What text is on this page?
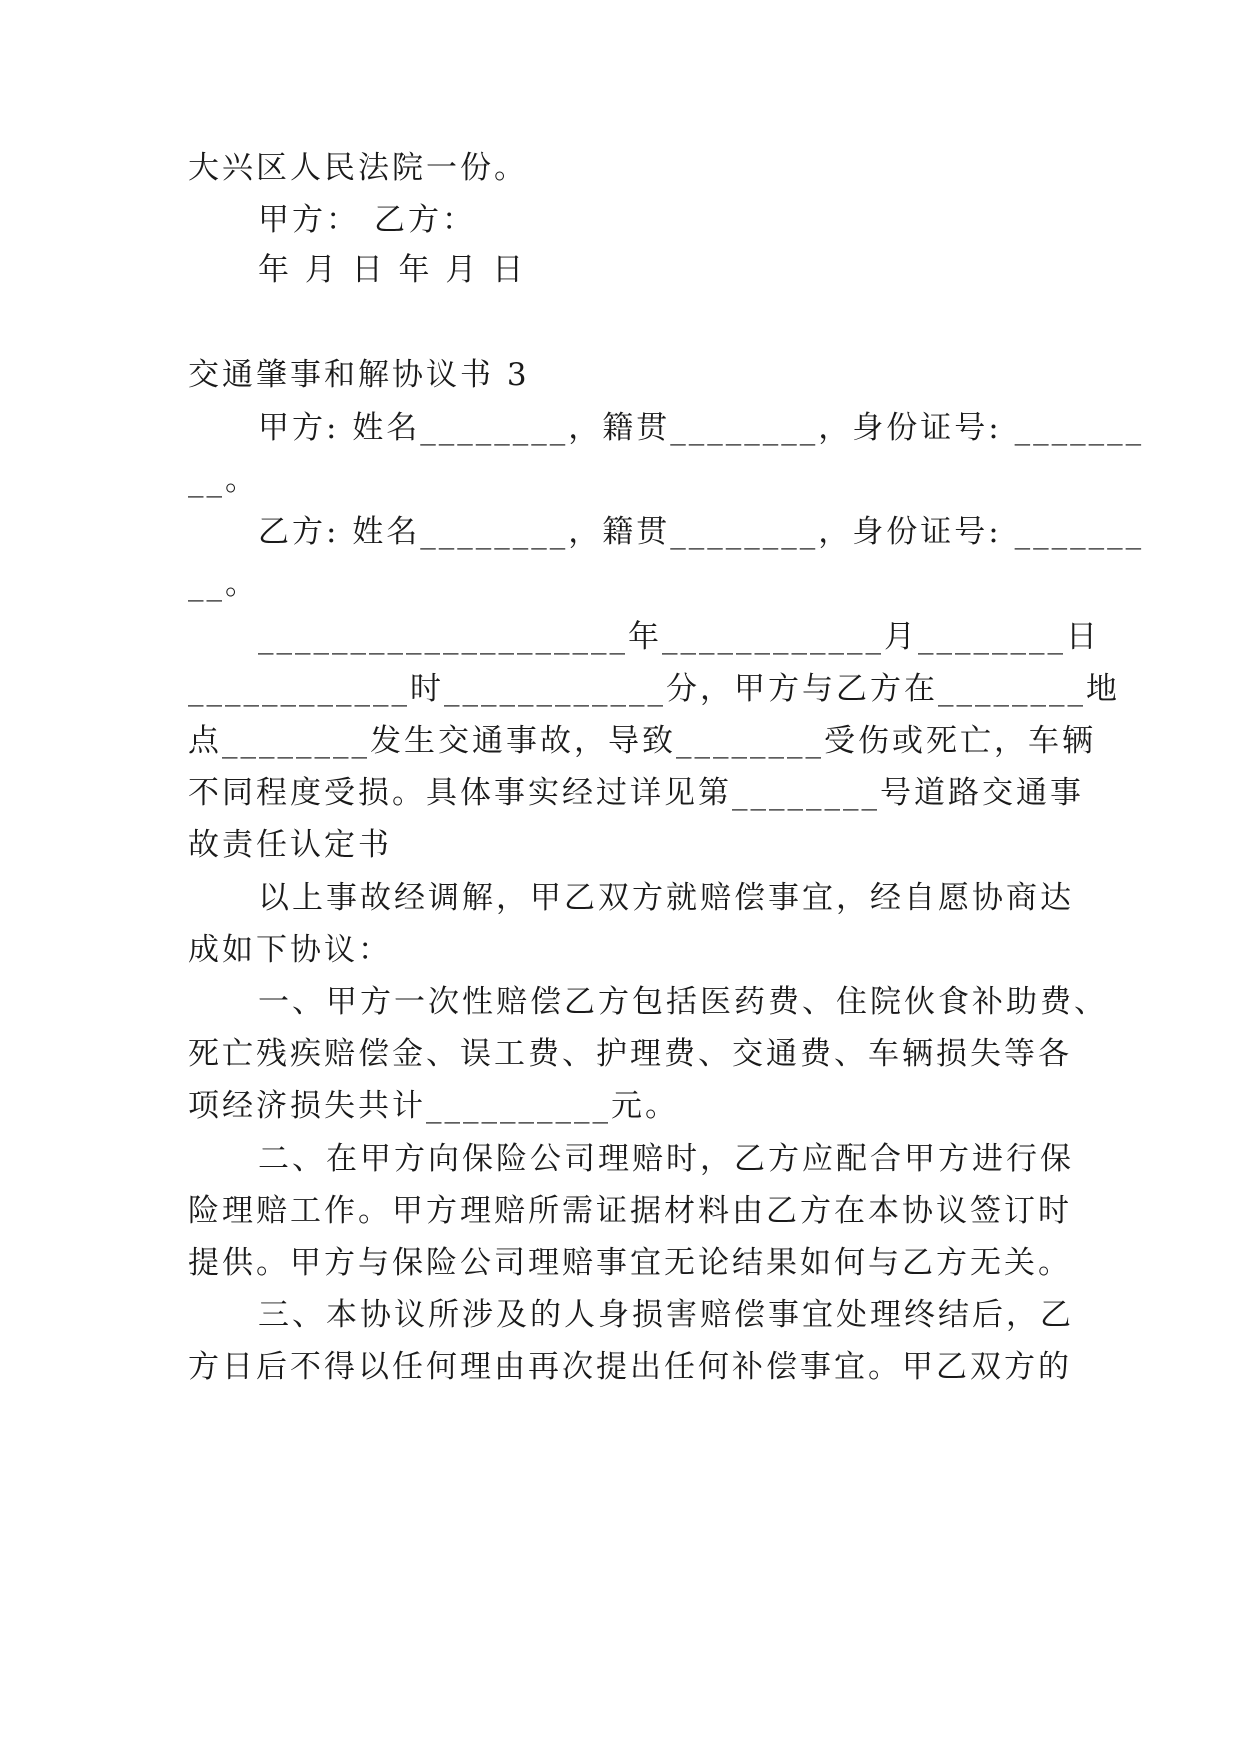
大兴区人民法院一份。
甲方： 乙方：
年 月 日 年 月 日
交通肇事和解协议书 3
甲方: 姓名________，籍贯________，身份证号: _______
__。
乙方: 姓名________，籍贯________，身份证号: _______
__。
____________________年____________月________日
____________时____________分，甲方与乙方在________地
点________发生交通事故，导致________受伤或死亡，车辆
不同程度受损。具体事实经过详见第________号道路交通事
故责任认定书
以上事故经调解，甲乙双方就赔偿事宜，经自愿协商达
成如下协议：
一、甲方一次性赔偿乙方包括医药费、住院伙食补助费、
死亡残疾赔偿金、误工费、护理费、交通费、车辆损失等各
项经济损失共计__________元。
二、在甲方向保险公司理赔时，乙方应配合甲方进行保
险理赔工作。甲方理赔所需证据材料由乙方在本协议签订时
提供。甲方与保险公司理赔事宜无论结果如何与乙方无关。
三、本协议所涉及的人身损害赔偿事宜处理终结后，乙
方日后不得以任何理由再次提出任何补偿事宜。甲乙双方的
